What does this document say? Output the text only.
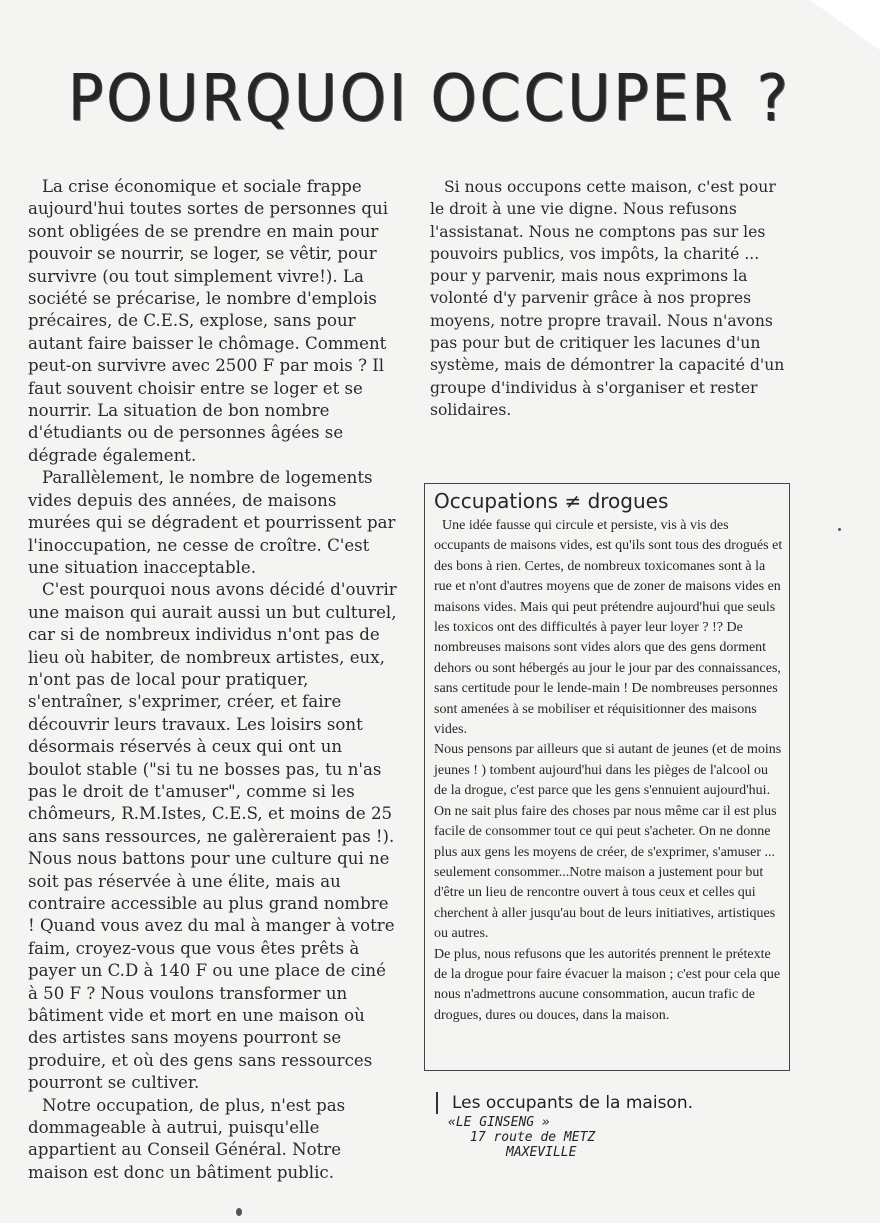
POURQUOI OCCUPER ?

La crise économique et sociale frappe aujourd'hui toutes sortes de personnes qui sont obligées de se prendre en main pour pouvoir se nourrir, se loger, se vêtir, pour survivre (ou tout simplement vivre!). La société se précarise, le nombre d'emplois précaires, de C.E.S, explose, sans pour autant faire baisser le chômage. Comment peut-on survivre avec 2500 F par mois ? Il faut souvent choisir entre se loger et se nourrir. La situation de bon nombre d'étudiants ou de personnes âgées se dégrade également.

Parallèlement, le nombre de logements vides depuis des années, de maisons murées qui se dégradent et pourrissent par l'inoccupation, ne cesse de croître. C'est une situation inacceptable.

C'est pourquoi nous avons décidé d'ouvrir une maison qui aurait aussi un but culturel, car si de nombreux individus n'ont pas de lieu où habiter, de nombreux artistes, eux, n'ont pas de local pour pratiquer, s'entraîner, s'exprimer, créer, et faire découvrir leurs travaux. Les loisirs sont désormais réservés à ceux qui ont un boulot stable ("si tu ne bosses pas, tu n'as pas le droit de t'amuser", comme si les chômeurs, R.M.Istes, C.E.S, et moins de 25 ans sans ressources, ne galèreraient pas !). Nous nous battons pour une culture qui ne soit pas réservée à une élite, mais au contraire accessible au plus grand nombre ! Quand vous avez du mal à manger à votre faim, croyez-vous que vous êtes prêts à payer un C.D à 140 F ou une place de ciné à 50 F ? Nous voulons transformer un bâtiment vide et mort en une maison où des artistes sans moyens pourront se produire, et où des gens sans ressources pourront se cultiver.

Notre occupation, de plus, n'est pas dommageable à autrui, puisqu'elle appartient au Conseil Général. Notre maison est donc un bâtiment public.

Si nous occupons cette maison, c'est pour le droit à une vie digne. Nous refusons l'assistanat. Nous ne comptons pas sur les pouvoirs publics, vos impôts, la charité ... pour y parvenir, mais nous exprimons la volonté d'y parvenir grâce à nos propres moyens, notre propre travail. Nous n'avons pas pour but de critiquer les lacunes d'un système, mais de démontrer la capacité d'un groupe d'individus à s'organiser et rester solidaires.

Occupations ≠ drogues

Une idée fausse qui circule et persiste, vis à vis des occupants de maisons vides, est qu'ils sont tous des drogués et des bons à rien. Certes, de nombreux toxicomanes sont à la rue et n'ont d'autres moyens que de zoner de maisons vides en maisons vides. Mais qui peut prétendre aujourd'hui que seuls les toxicos ont des difficultés à payer leur loyer ? !? De nombreuses maisons sont vides alors que des gens dorment dehors ou sont hébergés au jour le jour par des connaissances, sans certitude pour le lende-main ! De nombreuses personnes sont amenées à se mobiliser et réquisitionner des maisons vides.

Nous pensons par ailleurs que si autant de jeunes (et de moins jeunes ! ) tombent aujourd'hui dans les pièges de l'alcool ou de la drogue, c'est parce que les gens s'ennuient aujourd'hui. On ne sait plus faire des choses par nous même car il est plus facile de consommer tout ce qui peut s'acheter. On ne donne plus aux gens les moyens de créer, de s'exprimer, s'amuser ... seulement consommer...Notre maison a justement pour but d'être un lieu de rencontre ouvert à tous ceux et celles qui cherchent à aller jusqu'au bout de leurs initiatives, artistiques ou autres.

De plus, nous refusons que les autorités prennent le prétexte de la drogue pour faire évacuer la maison ; c'est pour cela que nous n'admettrons aucune consommation, aucun trafic de drogues, dures ou douces, dans la maison.

Les occupants de la maison.
«LE GINSENG »
17 route de METZ
MAXEVILLE
